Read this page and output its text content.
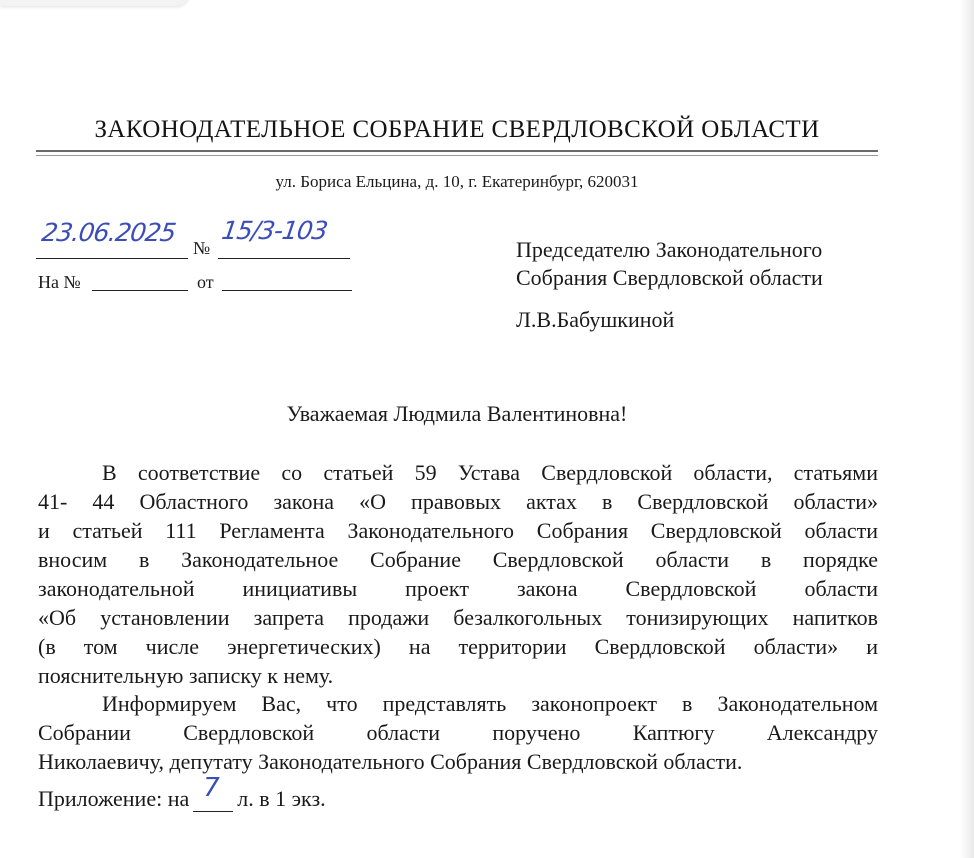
ЗАКОНОДАТЕЛЬНОЕ СОБРАНИЕ СВЕРДЛОВСКОЙ ОБЛАСТИ
ул. Бориса Ельцина, д. 10, г. Екатеринбург, 620031
23.06.2025
№
15/3-103
На №	от
Председателю Законодательного
Собрания Свердловской области
Л.В.Бабушкиной
Уважаемая Людмила Валентиновна!
В соответствие со статьей 59 Устава Свердловской области, статьями
41- 44 Областного закона «О правовых актах в Свердловской области»
и статьей 111 Регламента Законодательного Собрания Свердловской области
вносим в Законодательное Собрание Свердловской области в порядке
законодательной инициативы проект закона Свердловской области
«Об установлении запрета продажи безалкогольных тонизирующих напитков
(в том числе энергетических) на территории Свердловской области» и
пояснительную записку к нему.
Информируем Вас, что представлять законопроект в Законодательном
Собрании Свердловской области поручено Каптюгу Александру
Николаевичу, депутату Законодательного Собрания Свердловской области.
Приложение: на 7 л. в 1 экз.
